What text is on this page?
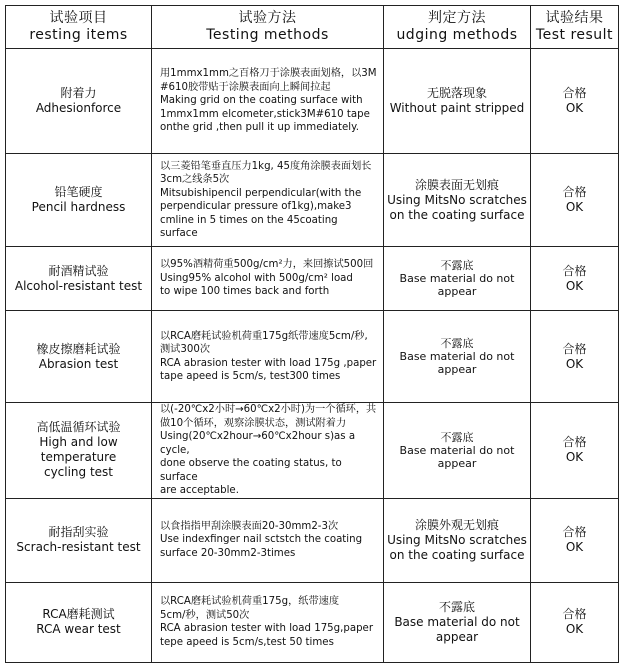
试验项目
resting items	试验方法
Testing methods	判定方法
udging methods	试验结果
Test result

附着力
Adhesionforce	用1mmx1mm之百格刀于涂膜表面划格，以3M
#610胶带贴于涂膜表面向上瞬间拉起
Making grid on the coating surface with
1mmx1mm elcometer,stick3M#610 tape
onthe grid ,then pull it up immediately.	无脱落现象
Without paint stripped	合格
OK

铅笔硬度
Pencil hardness	以三菱铅笔垂直压力1kg, 45度角涂膜表面划长
3cm之线条5次
Mitsubishipencil perpendicular(with the
perpendicular pressure of1kg),make3
cmline in 5 times on the 45coating surface	涂膜表面无划痕
Using MitsNo scratches
on the coating surface	合格
OK

耐酒精试验
Alcohol-resistant test	以95%酒精荷重500g/cm²力，来回擦试500回
Using95% alcohol with 500g/cm² load
to wipe 100 times back and forth	不露底
Base material do not appear	合格
OK

橡皮擦磨耗试验
Abrasion test	以RCA磨耗试验机荷重175g纸带速度5cm/秒,
测试300次
RCA abrasion tester with load 175g ,paper
tape apeed is 5cm/s, test300 times	不露底
Base material do not appear	合格
OK

高低温循环试验
High and low temperature
cycling test	以(-20℃x2小时→60℃x2小时)为一个循环，共
做10个循环，观察涂膜状态，测试附着力
Using(20℃x2hour→60℃x2hour s)as a cycle,
done observe the coating status, to surface
are acceptable.	不露底
Base material do not appear	合格
OK

耐指刮实验
Scrach-resistant test	以食指指甲刮涂膜表面20-30mm2-3次
Use indexfinger nail sctstch the coating
surface 20-30mm2-3times	涂膜外观无划痕
Using MitsNo scratches
on the coating surface	合格
OK

RCA磨耗测试
RCA wear test	以RCA磨耗试验机荷重175g，纸带速度
5cm/秒，测试50次
RCA abrasion tester with load 175g,paper
tepe apeed is 5cm/s,test 50 times	不露底
Base material do not appear	合格
OK
